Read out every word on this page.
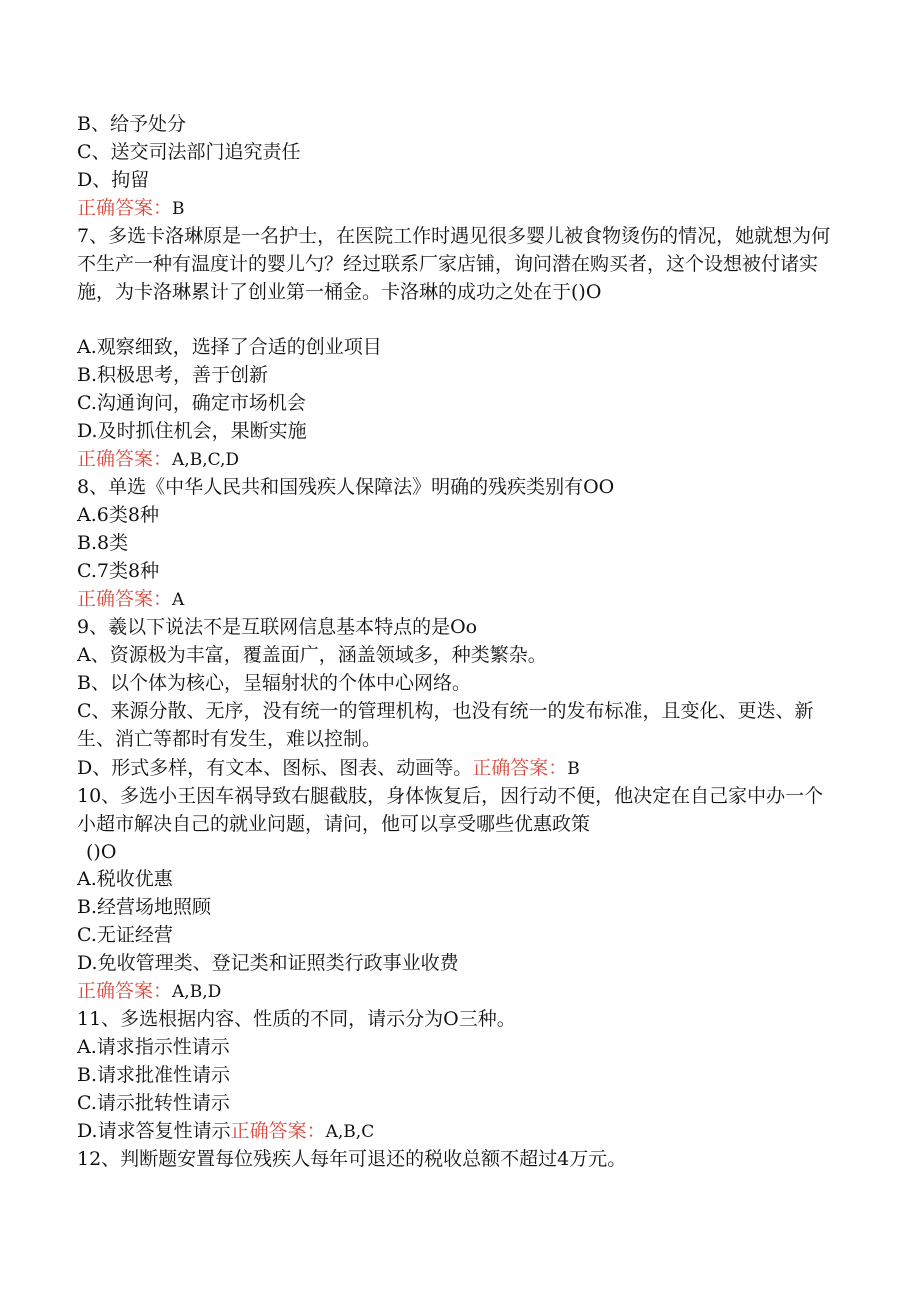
B、给予处分
C、送交司法部门追究责任
D、拘留
正确答案：B
7、多选卡洛琳原是一名护士，在医院工作时遇见很多婴儿被食物烫伤的情况，她就想为何不生产一种有温度计的婴儿勺？经过联系厂家店铺，询问潜在购买者，这个设想被付诸实施，为卡洛琳累计了创业第一桶金。卡洛琳的成功之处在于()O
A.观察细致，选择了合适的创业项目
B.积极思考，善于创新
C.沟通询问，确定市场机会
D.及时抓住机会，果断实施
正确答案：A,B,C,D
8、单选《中华人民共和国残疾人保障法》明确的残疾类别有OO
A.6类8种
B.8类
C.7类8种
正确答案：A
9、羲以下说法不是互联网信息基本特点的是Oo
A、资源极为丰富，覆盖面广，涵盖领域多，种类繁杂。
B、以个体为核心，呈辐射状的个体中心网络。
C、来源分散、无序，没有统一的管理机构，也没有统一的发布标准，且变化、更迭、新生、消亡等都时有发生，难以控制。
D、形式多样，有文本、图标、图表、动画等。正确答案：B
10、多选小王因车祸导致右腿截肢，身体恢复后，因行动不便，他决定在自己家中办一个小超市解决自己的就业问题，请问，他可以享受哪些优惠政策
()O
A.税收优惠
B.经营场地照顾
C.无证经营
D.免收管理类、登记类和证照类行政事业收费
正确答案：A,B,D
11、多选根据内容、性质的不同，请示分为O三种。
A.请求指示性请示
B.请求批准性请示
C.请示批转性请示
D.请求答复性请示正确答案：A,B,C
12、判断题安置每位残疾人每年可退还的税收总额不超过4万元。
